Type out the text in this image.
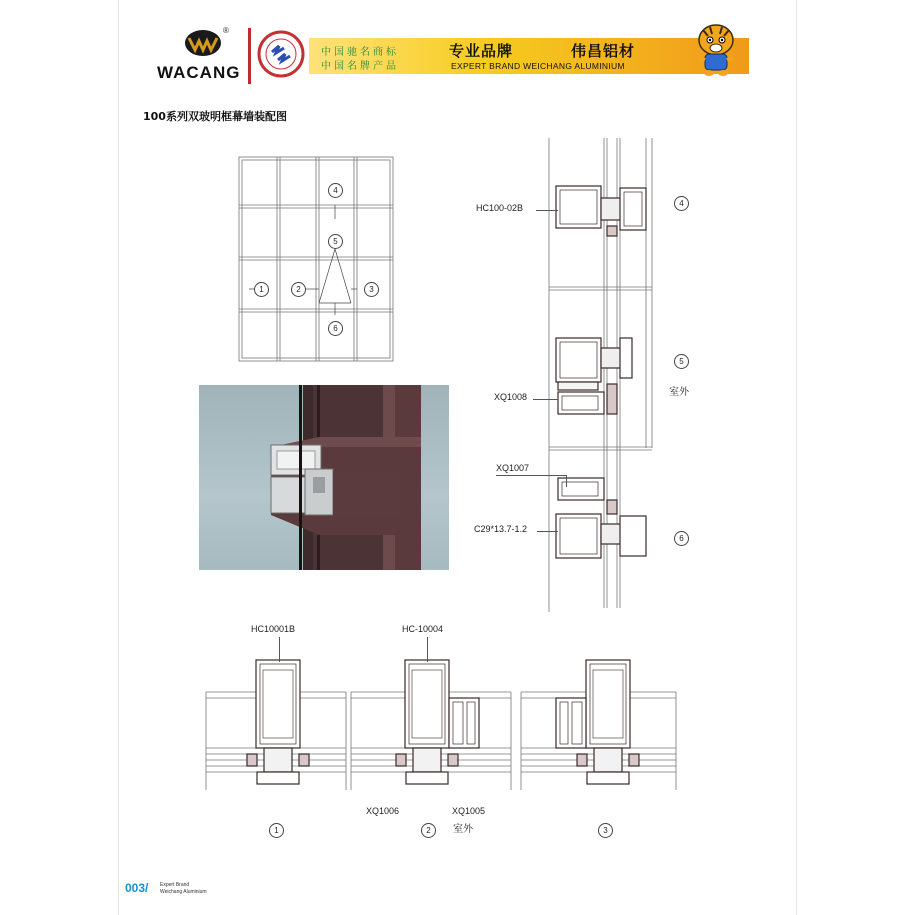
®
WACANG
中国驰名商标
中国名牌产品
专业品牌	伟昌铝材
EXPERT BRAND WEICHANG ALUMINIUM
100系列双玻明框幕墙装配图
1	2	3
4
5
6
HC100-02B	4
XQ1008
5
室外
XQ1007
C29*13.7-1.2
6
HC10001B	HC-10004
XQ1006	XQ1005
室外
1	2	3
003/ Expert Brand
Weichang Aluminium
